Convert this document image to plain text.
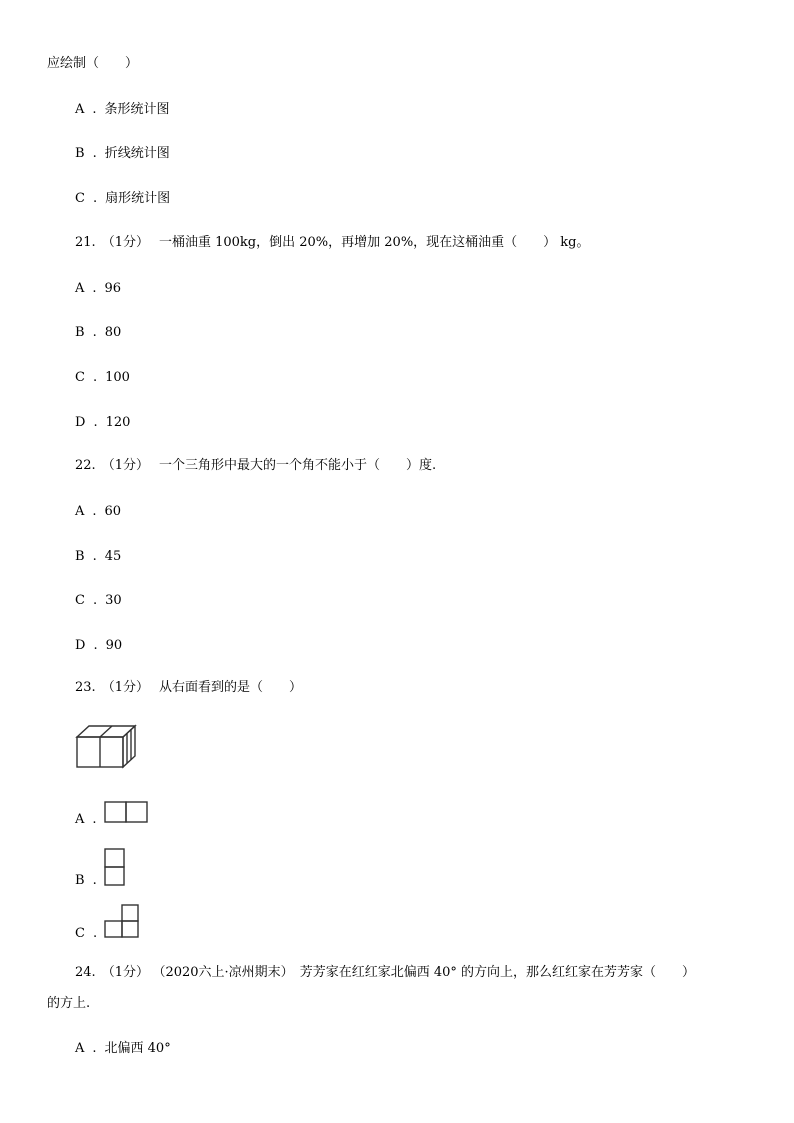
应绘制（　　）
A . 条形统计图
B . 折线统计图
C . 扇形统计图
21. （1分） 一桶油重 100kg，倒出 20%，再增加 20%，现在这桶油重（　　） kg。
A . 96
B . 80
C . 100
D . 120
22. （1分） 一个三角形中最大的一个角不能小于（　　）度.
A . 60
B . 45
C . 30
D . 90
23. （1分） 从右面看到的是（　　）
A .
B .
C .
24. （1分） （2020六上·凉州期末） 芳芳家在红红家北偏西 40° 的方向上，那么红红家在芳芳家（　　）
的方上.
A . 北偏西 40°
